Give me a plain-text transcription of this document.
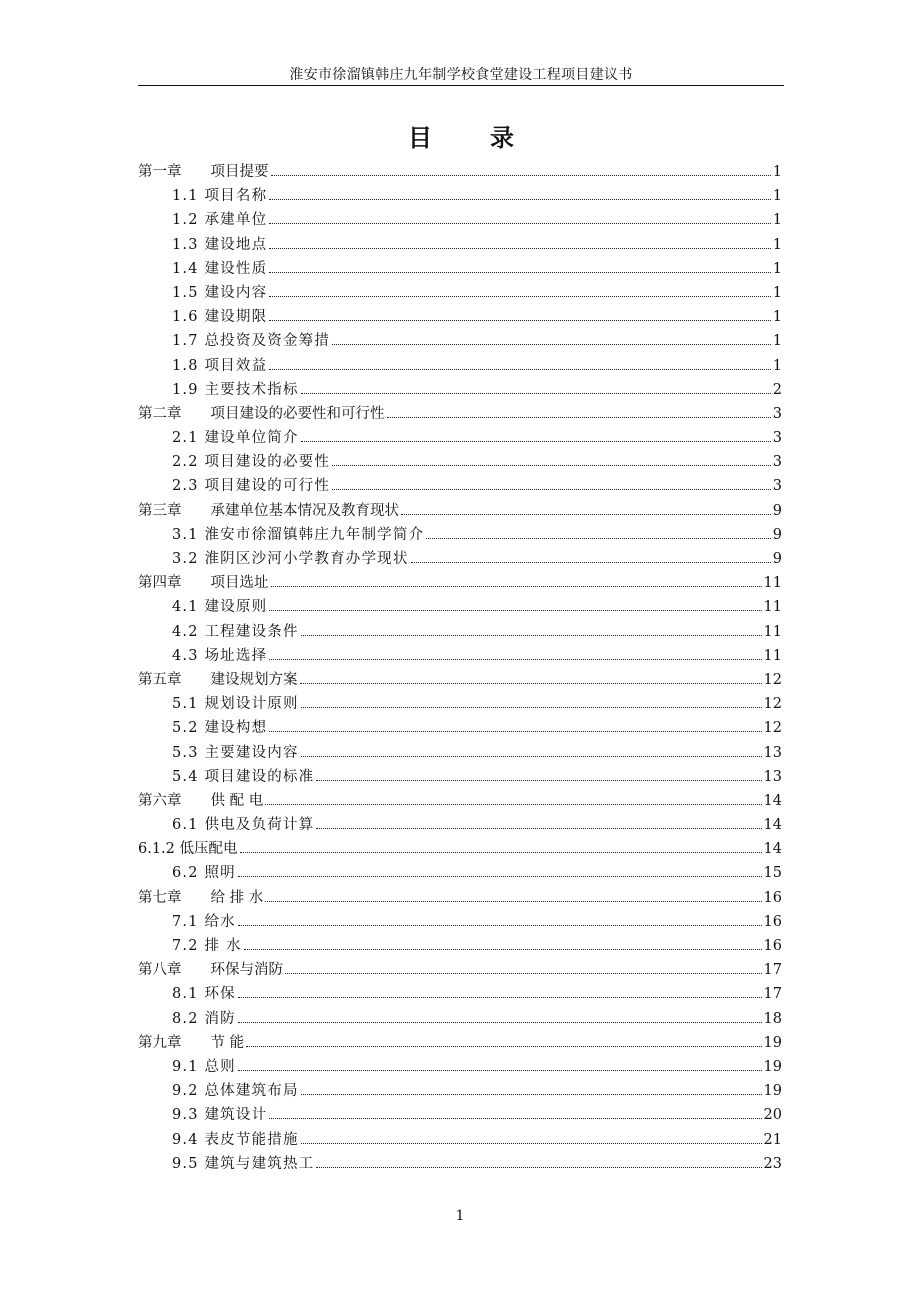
淮安市徐溜镇韩庄九年制学校食堂建设工程项目建议书
目录
第一章　　项目提要	1
1.1 项目名称	1
1.2 承建单位	1
1.3 建设地点	1
1.4 建设性质	1
1.5 建设内容	1
1.6 建设期限	1
1.7 总投资及资金筹措	1
1.8 项目效益	1
1.9 主要技术指标	2
第二章　　项目建设的必要性和可行性	3
2.1 建设单位简介	3
2.2 项目建设的必要性	3
2.3 项目建设的可行性	3
第三章　　承建单位基本情况及教育现状	9
3.1 淮安市徐溜镇韩庄九年制学简介	9
3.2 淮阴区沙河小学教育办学现状	9
第四章　　项目选址	11
4.1 建设原则	11
4.2 工程建设条件	11
4.3 场址选择	11
第五章　　建设规划方案	12
5.1 规划设计原则	12
5.2 建设构想	12
5.3 主要建设内容	13
5.4 项目建设的标准	13
第六章　　供 配 电	14
6.1 供电及负荷计算	14
6.1.2 低压配电	14
6.2 照明	15
第七章　　给 排 水	16
7.1 给水	16
7.2 排 水	16
第八章　　环保与消防	17
8.1 环保	17
8.2 消防	18
第九章　　节 能	19
9.1 总则	19
9.2 总体建筑布局	19
9.3 建筑设计	20
9.4 表皮节能措施	21
9.5 建筑与建筑热工	23
1
